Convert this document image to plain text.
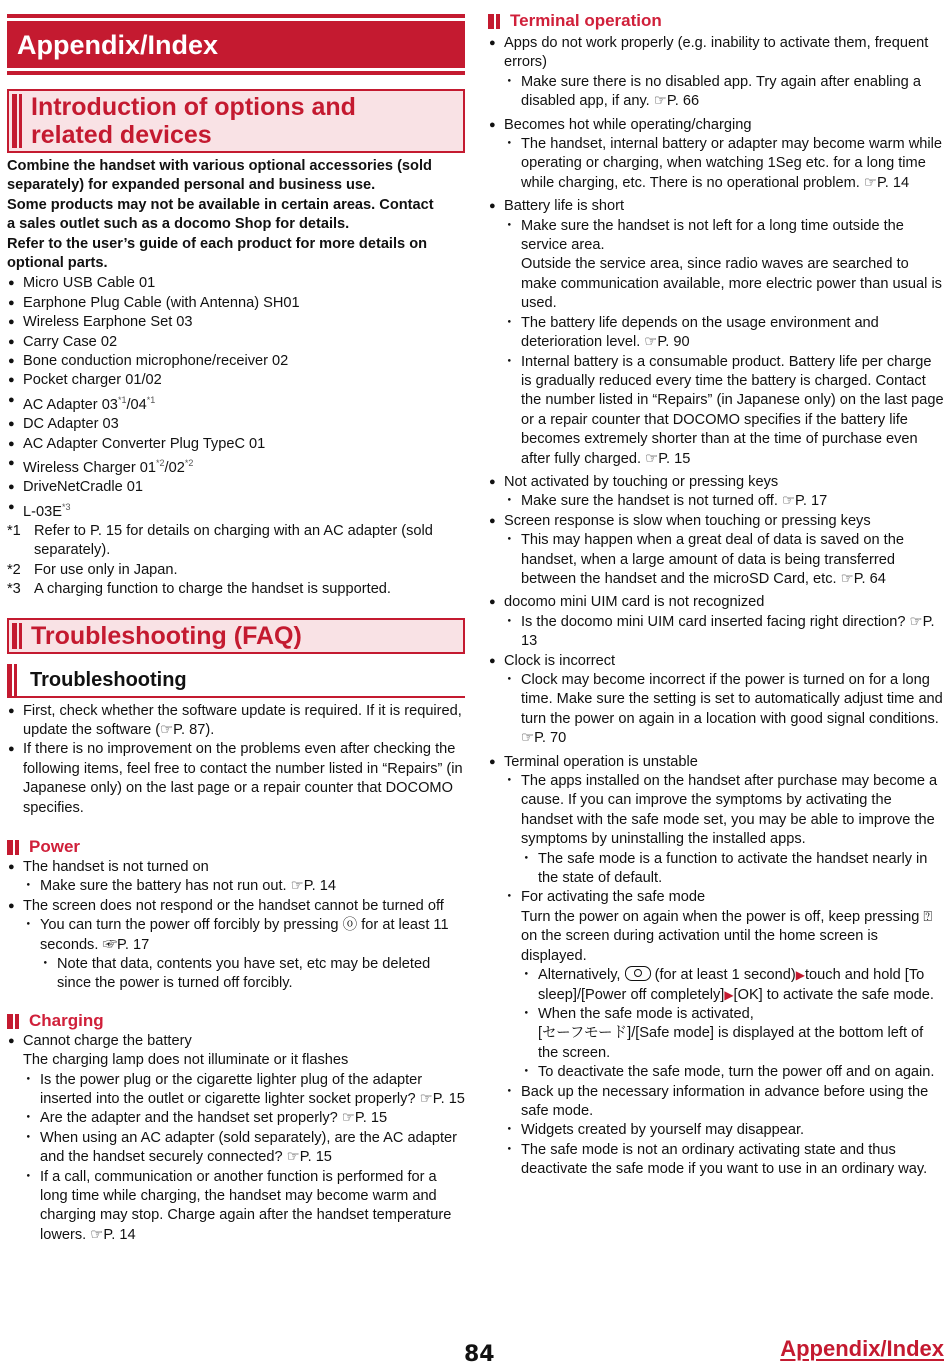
Appendix/Index
Introduction of options and
related devices
Combine the handset with various optional accessories (sold
separately) for expanded personal and business use.
Some products may not be available in certain areas. Contact
a sales outlet such as a docomo Shop for details.
Refer to the user’s guide of each product for more details on
optional parts.
● Micro USB Cable 01
● Earphone Plug Cable (with Antenna) SH01
● Wireless Earphone Set 03
● Carry Case 02
● Bone conduction microphone/receiver 02
● Pocket charger 01/02
● AC Adapter 03$^{*1}$/04$^{*1}$
● DC Adapter 03
● AC Adapter Converter Plug TypeC 01
● Wireless Charger 01$^{*2}$/02$^{*2}$
● DriveNetCradle 01
● $L-03E^{*3}$
*1 Refer to P. 15 for details on charging with an AC adapter (sold separately).
*2 For use only in Japan.
*3 A charging function to charge the handset is supported.
Troubleshooting (FAQ)
Troubleshooting
● First, check whether the software update is required. If it is required, update the software (☞P. 87).
● If there is no improvement on the problems even after checking the following items, feel free to contact the number listed in “Repairs” (in Japanese only) on the last page or a repair counter that DOCOMO specifies.
Power
● The handset is not turned on
・ Make sure the battery has not run out. ☞P. 14
● The screen does not respond or the handset cannot be turned off
・ You can turn the power off forcibly by pressing ⓞ for at least 11 seconds. ☞P. 17
・ Note that data, contents you have set, etc may be deleted since the power is turned off forcibly.
Charging
● Cannot charge the battery
The charging lamp does not illuminate or it flashes
・ Is the power plug or the cigarette lighter plug of the adapter inserted into the outlet or cigarette lighter socket properly? ☞P. 15
・ Are the adapter and the handset set properly? ☞P. 15
・ When using an AC adapter (sold separately), are the AC adapter and the handset securely connected? ☞P. 15
・ If a call, communication or another function is performed for a long time while charging, the handset may become warm and charging may stop. Charge again after the handset temperature lowers. ☞P. 14
Terminal operation
● Apps do not work properly (e.g. inability to activate them, frequent errors)
・ Make sure there is no disabled app. Try again after enabling a disabled app, if any. ☞P. 66
● Becomes hot while operating/charging
・ The handset, internal battery or adapter may become warm while operating or charging, when watching 1Seg etc. for a long time while charging, etc. There is no operational problem. ☞P. 14
● Battery life is short
・ Make sure the handset is not left for a long time outside the service area.
Outside the service area, since radio waves are searched to make communication available, more electric power than usual is used.
・ The battery life depends on the usage environment and deterioration level. ☞P. 90
・ Internal battery is a consumable product. Battery life per charge is gradually reduced every time the battery is charged. Contact the number listed in “Repairs” (in Japanese only) on the last page or a repair counter that DOCOMO specifies if the battery life becomes extremely shorter than at the time of purchase even after fully charged. ☞P. 15
● Not activated by touching or pressing keys
・ Make sure the handset is not turned off. ☞P. 17
● Screen response is slow when touching or pressing keys
・ This may happen when a great deal of data is saved on the handset, when a large amount of data is being transferred between the handset and the microSD Card, etc. ☞P. 64
● docomo mini UIM card is not recognized
・ Is the docomo mini UIM card inserted facing right direction? ☞P. 13
● Clock is incorrect
・ Clock may become incorrect if the power is turned on for a long time. Make sure the setting is set to automatically adjust time and turn the power on again in a location with good signal conditions. ☞P. 70
● Terminal operation is unstable
・ The apps installed on the handset after purchase may become a cause. If you can improve the symptoms by activating the handset with the safe mode set, you may be able to improve the symptoms by uninstalling the installed apps.
・ The safe mode is a function to activate the handset nearly in the state of default.
・ For activating the safe mode
Turn the power on again when the power is off, keep pressing ⍰ on the screen during activation until the home screen is displayed.
・ Alternatively, (for at least 1 second)▶touch and hold [To sleep]/[Power off completely]▶[OK] to activate the safe mode.
・ When the safe mode is activated,
[セーフモード]/[Safe mode] is displayed at the bottom left of the screen.
・ To deactivate the safe mode, turn the power off and on again.
・ Back up the necessary information in advance before using the safe mode.
・ Widgets created by yourself may disappear.
・ The safe mode is not an ordinary activating state and thus deactivate the safe mode if you want to use in an ordinary way.
84	Appendix/Index
